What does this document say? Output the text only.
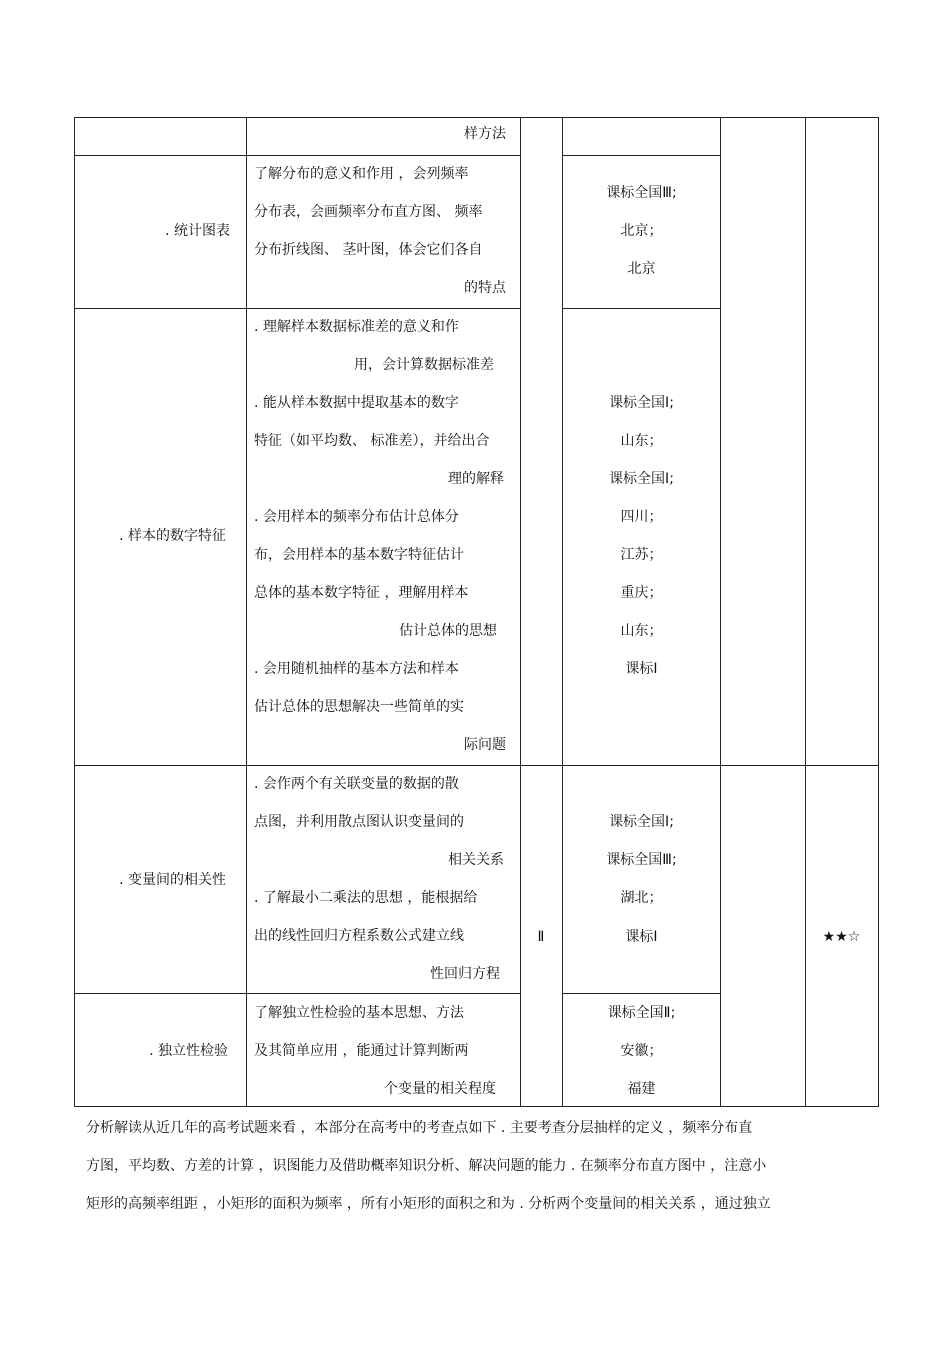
样方法
. 统计图表
了解分布的意义和作用 ，会列频率
分布表，会画频率分布直方图、 频率
分布折线图、 茎叶图，体会它们各自
的特点
课标全国Ⅲ;
北京；
北京
. 样本的数字特征
. 理解样本数据标准差的意义和作
用，会计算数据标准差
. 能从样本数据中提取基本的数字
特征（如平均数、 标准差），并给出合
理的解释
. 会用样本的频率分布估计总体分
布，会用样本的基本数字特征估计
总体的基本数字特征 ，理解用样本
估计总体的思想
. 会用随机抽样的基本方法和样本
估计总体的思想解决一些简单的实
际问题
课标全国Ⅰ;
山东；
课标全国Ⅰ;
四川；
江苏；
重庆；
山东；
课标Ⅰ
. 变量间的相关性
. 会作两个有关联变量的数据的散
点图，并利用散点图认识变量间的
相关关系
. 了解最小二乘法的思想 ，能根据给
出的线性回归方程系数公式建立线
性回归方程
Ⅱ
课标全国Ⅰ;
课标全国Ⅲ;
湖北；
课标Ⅰ	★★☆
. 独立性检验
了解独立性检验的基本思想、方法
及其简单应用 ，能通过计算判断两
个变量的相关程度
课标全国Ⅱ;
安徽；
福建
分析解读从近几年的高考试题来看 ，本部分在高考中的考查点如下 . 主要考查分层抽样的定义 ，频率分布直
方图，平均数、方差的计算 ，识图能力及借助概率知识分析、解决问题的能力 . 在频率分布直方图中 ，注意小
矩形的高频率组距 ，小矩形的面积为频率 ，所有小矩形的面积之和为 . 分析两个变量间的相关关系 ，通过独立
